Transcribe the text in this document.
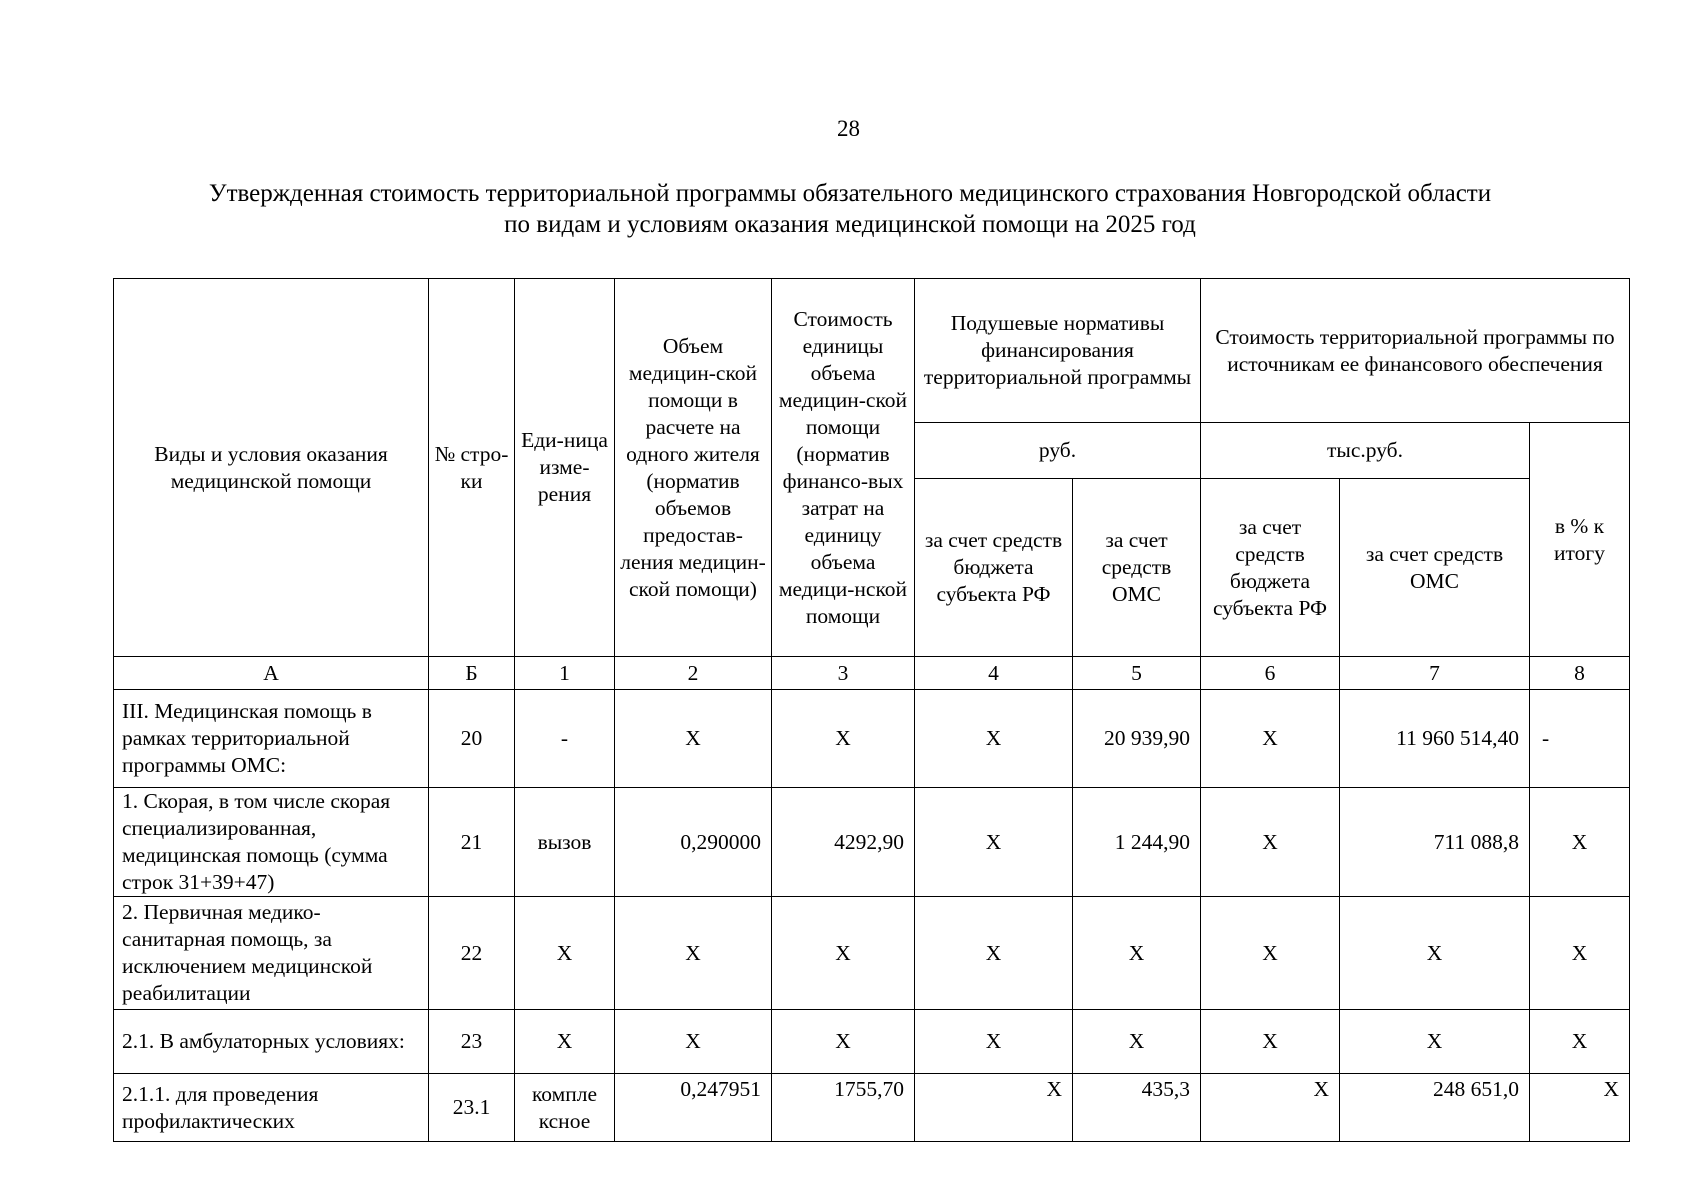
28
Утвержденная стоимость территориальной программы обязательного медицинского страхования Новгородской области
по видам и условиям оказания медицинской помощи на 2025 год
Виды и условия оказания медицинской помощи	№ стро-ки	Еди-ница изме-рения	Объем медицин-ской помощи в расчете на одного жителя (норматив объемов предостав-ления медицин-ской помощи)	Стоимость единицы объема медицин-ской помощи (норматив финансо-вых затрат на единицу объема медици-нской помощи	Подушевые нормативы финансирования территориальной программы		Стоимость территориальной программы по источникам ее финансового обеспечения		
					руб.		тыс.руб.		в % к итогу
					за счет средств бюджета субъекта РФ	за счет средств ОМС	за счет средств бюджета субъекта РФ	за счет средств ОМС	
А	Б	1	2	3	4	5	6	7	8
III. Медицинская помощь в рамках территориальной программы ОМС:	20	-	Х	Х	Х	20 939,90	Х	11 960 514,40	-
1. Скорая, в том числе скорая специализированная, медицинская помощь (сумма строк 31+39+47)	21	вызов	0,290000	4292,90	Х	1 244,90	Х	711 088,8	Х
2. Первичная медико-санитарная помощь, за исключением медицинской реабилитации	22	Х	Х	Х	Х	Х	Х	Х	Х
2.1. В амбулаторных условиях:	23	Х	Х	Х	Х	Х	Х	Х	Х
2.1.1. для проведения профилактических	23.1	компле ксное	0,247951	1755,70	Х	435,3	Х	248 651,0	Х
